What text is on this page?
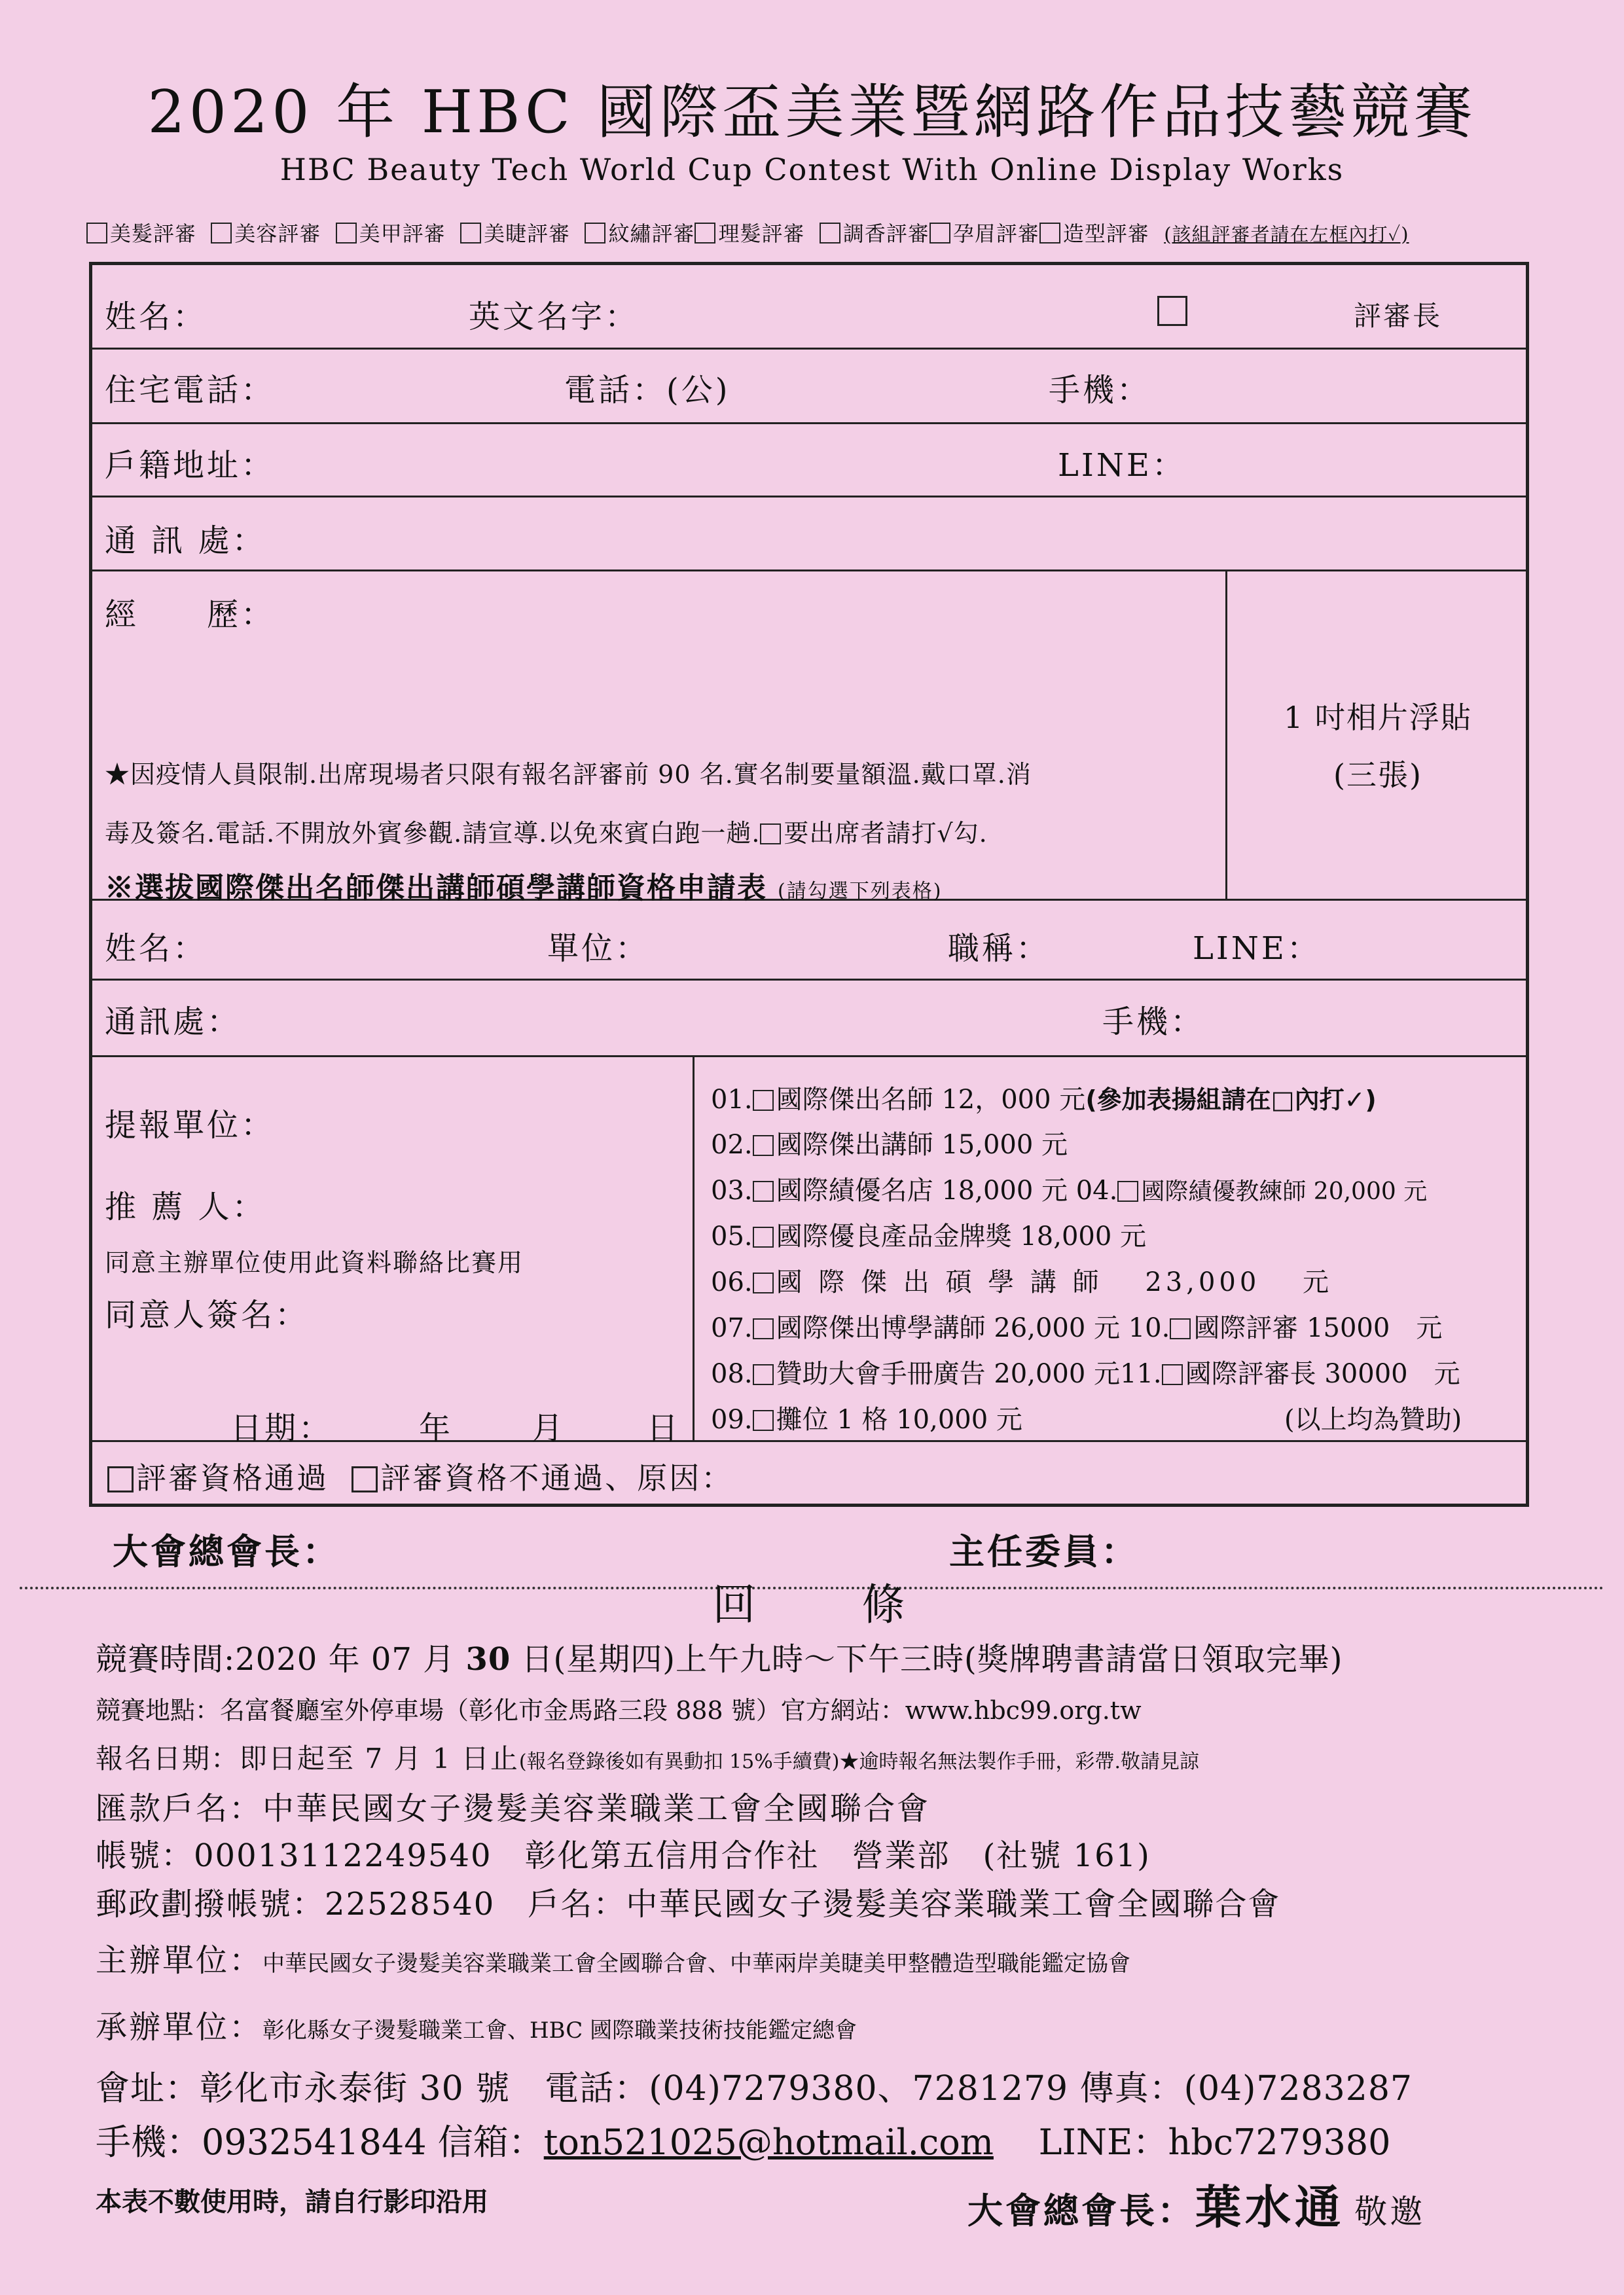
2020 年 HBC 國際盃美業暨網路作品技藝競賽
HBC Beauty Tech World Cup Contest With Online Display Works
美髮評審 美容評審 美甲評審 美睫評審 紋繡評審 理髮評審 調香評審 孕眉評審 造型評審 (該組評審者請在左框內打✓)
姓名：	英文名字：	評審長
住宅電話：	電話：(公)	手機：
戶籍地址：	LINE：
通 訊 處：
經　　歷：
★因疫情人員限制.出席現場者只限有報名評審前 90 名.實名制要量額溫.戴口罩.消
毒及簽名.電話.不開放外賓參觀.請宣導.以免來賓白跑一趟. 要出席者請打√勾.
※選拔國際傑出名師傑出講師碩學講師資格申請表 (請勾選下列表格)
1 吋相片浮貼
(三張)
姓名：	單位：	職稱：	LINE：
通訊處：	手機：
提報單位：
推 薦 人：
同意主辦單位使用此資料聯絡比賽用
同意人簽名：
日期：	年 月	日
01. 國際傑出名師 12，000 元(參加表揚組請在□內打✓)
02. 國際傑出講師 15,000 元
03. 國際績優名店 18,000 元 04. 國際績優教練師 20,000 元
05. 國際優良產品金牌獎 18,000 元
06. 國 際 傑 出 碩 學 講 師　 23,000　 元
07. 國際傑出博學講師 26,000 元 10. 國際評審 15000　元
08. 贊助大會手冊廣告 20,000 元11. 國際評審長 30000　元
09. 攤位 1 格 10,000 元	(以上均為贊助)
評審資格通過 評審資格不通過、原因：
大會總會長：	主任委員：
回　　條
競賽時間:2020 年 07 月 30 日(星期四)上午九時～下午三時(獎牌聘書請當日領取完畢)
競賽地點：名富餐廳室外停車場（彰化市金馬路三段 888 號）官方網站：www.hbc99.org.tw
報名日期：即日起至 7 月 1 日止(報名登錄後如有異動扣 15%手續費)★逾時報名無法製作手冊，彩帶.敬請見諒
匯款戶名：中華民國女子燙髮美容業職業工會全國聯合會
帳號：00013112249540　彰化第五信用合作社　營業部　(社號 161)
郵政劃撥帳號：22528540　戶名：中華民國女子燙髮美容業職業工會全國聯合會
主辦單位：中華民國女子燙髮美容業職業工會全國聯合會、中華兩岸美睫美甲整體造型職能鑑定協會
承辦單位：彰化縣女子燙髮職業工會、HBC 國際職業技術技能鑑定總會
會址：彰化市永泰街 30 號　電話：(04)7279380、7281279 傳真：(04)7283287
手機：0932541844 信箱：ton521025@hotmail.com LINE：hbc7279380
本表不數使用時，請自行影印沿用	大會總會長：葉水通 敬邀
